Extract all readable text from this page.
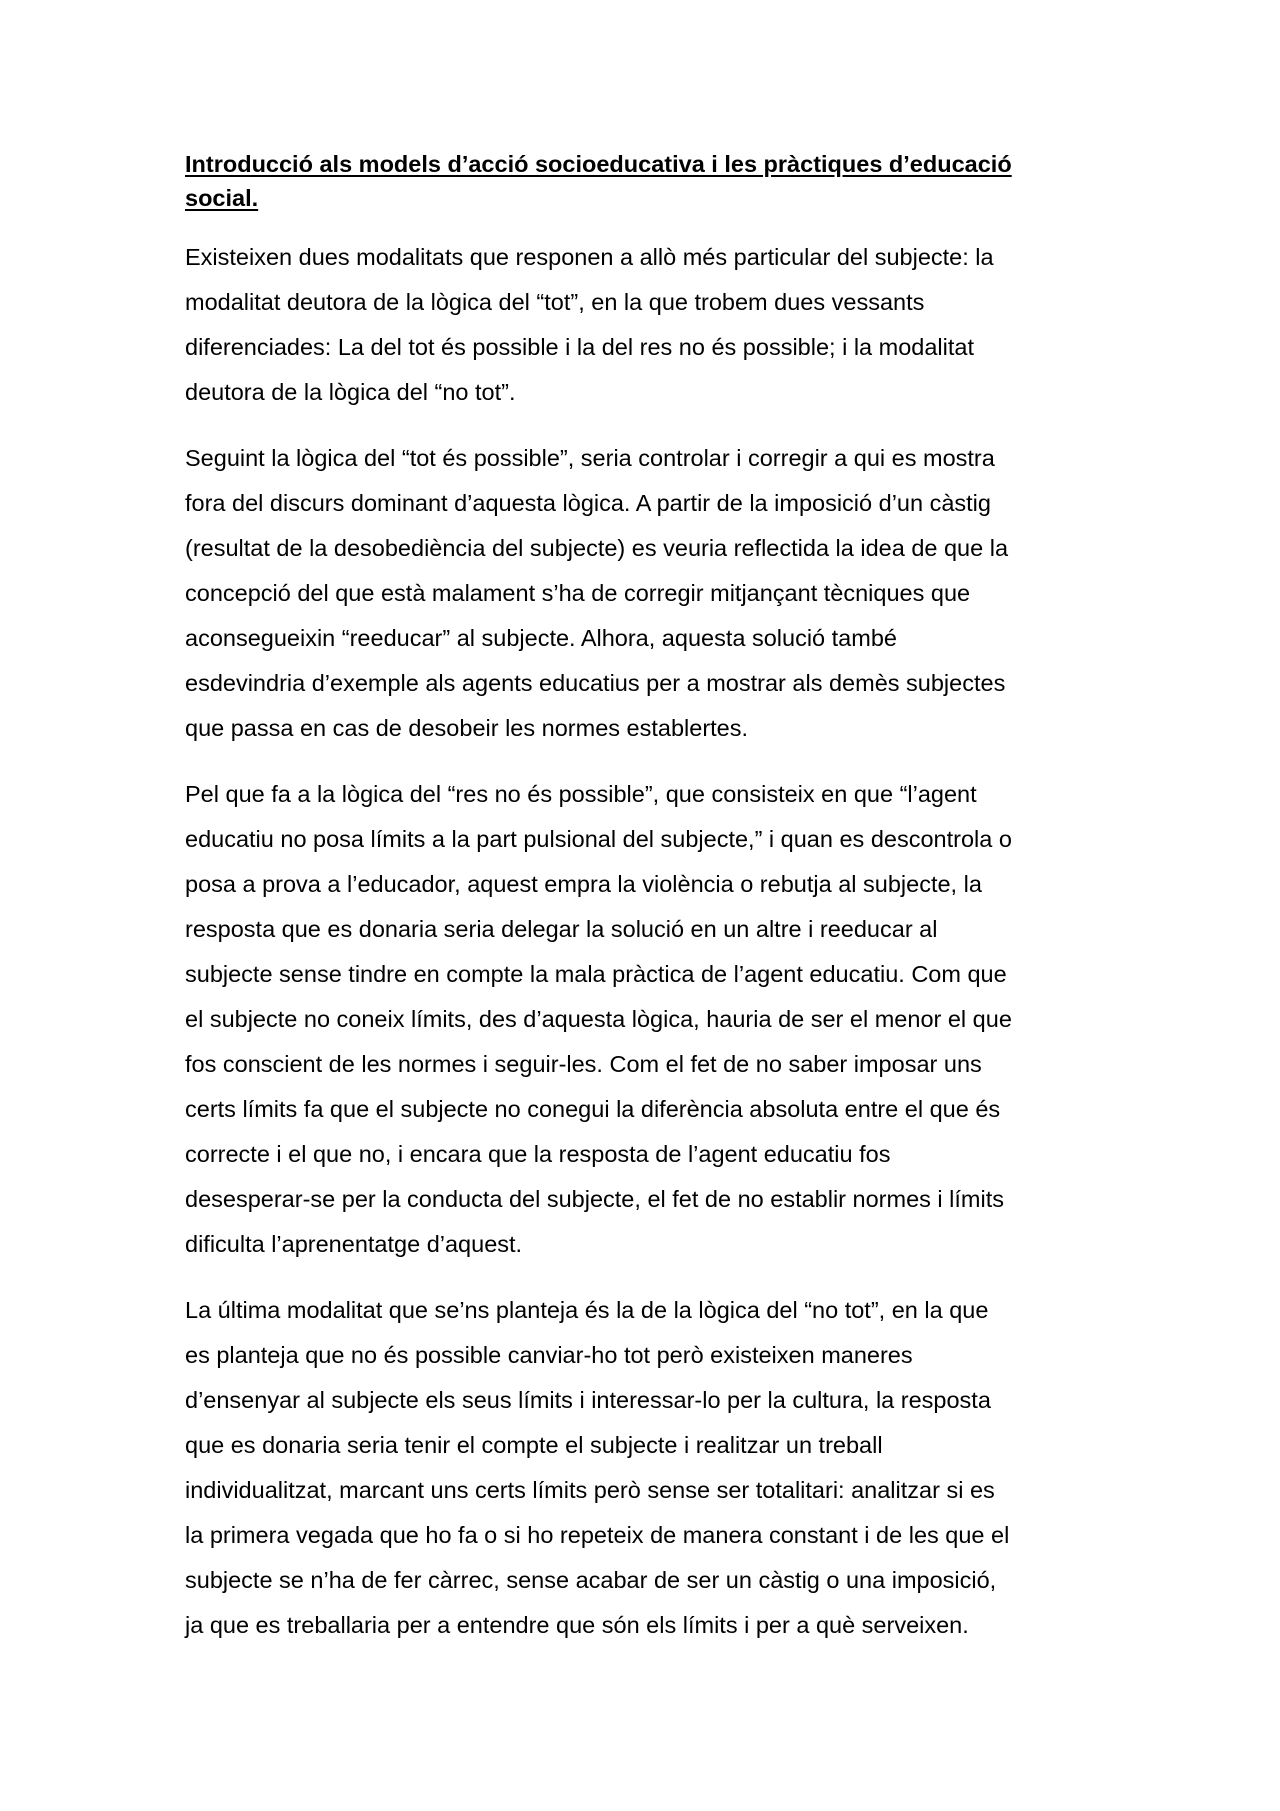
Introducció als models d’acció socioeducativa i les pràctiques d’educació
social.

Existeixen dues modalitats que responen a allò més particular del subjecte: la
modalitat deutora de la lògica del “tot”, en la que trobem dues vessants
diferenciades: La del tot és possible i la del res no és possible; i la modalitat
deutora de la lògica del “no tot”.

Seguint la lògica del “tot és possible”, seria controlar i corregir a qui es mostra
fora del discurs dominant d’aquesta lògica. A partir de la imposició d’un càstig
(resultat de la desobediència del subjecte) es veuria reflectida la idea de que la
concepció del que està malament s’ha de corregir mitjançant tècniques que
aconsegueixin “reeducar” al subjecte. Alhora, aquesta solució també
esdevindria d’exemple als agents educatius per a mostrar als demès subjectes
que passa en cas de desobeir les normes establertes.

Pel que fa a la lògica del “res no és possible”, que consisteix en que “l’agent
educatiu no posa límits a la part pulsional del subjecte,” i quan es descontrola o
posa a prova a l’educador, aquest empra la violència o rebutja al subjecte, la
resposta que es donaria seria delegar la solució en un altre i reeducar al
subjecte sense tindre en compte la mala pràctica de l’agent educatiu. Com que
el subjecte no coneix límits, des d’aquesta lògica, hauria de ser el menor el que
fos conscient de les normes i seguir-les. Com el fet de no saber imposar uns
certs límits fa que el subjecte no conegui la diferència absoluta entre el que és
correcte i el que no, i encara que la resposta de l’agent educatiu fos
desesperar-se per la conducta del subjecte, el fet de no establir normes i límits
dificulta l’aprenentatge d’aquest.

La última modalitat que se’ns planteja és la de la lògica del “no tot”, en la que
es planteja que no és possible canviar-ho tot però existeixen maneres
d’ensenyar al subjecte els seus límits i interessar-lo per la cultura, la resposta
que es donaria seria tenir el compte el subjecte i realitzar un treball
individualitzat, marcant uns certs límits però sense ser totalitari: analitzar si es
la primera vegada que ho fa o si ho repeteix de manera constant i de les que el
subjecte se n’ha de fer càrrec, sense acabar de ser un càstig o una imposició,
ja que es treballaria per a entendre que són els límits i per a què serveixen.
